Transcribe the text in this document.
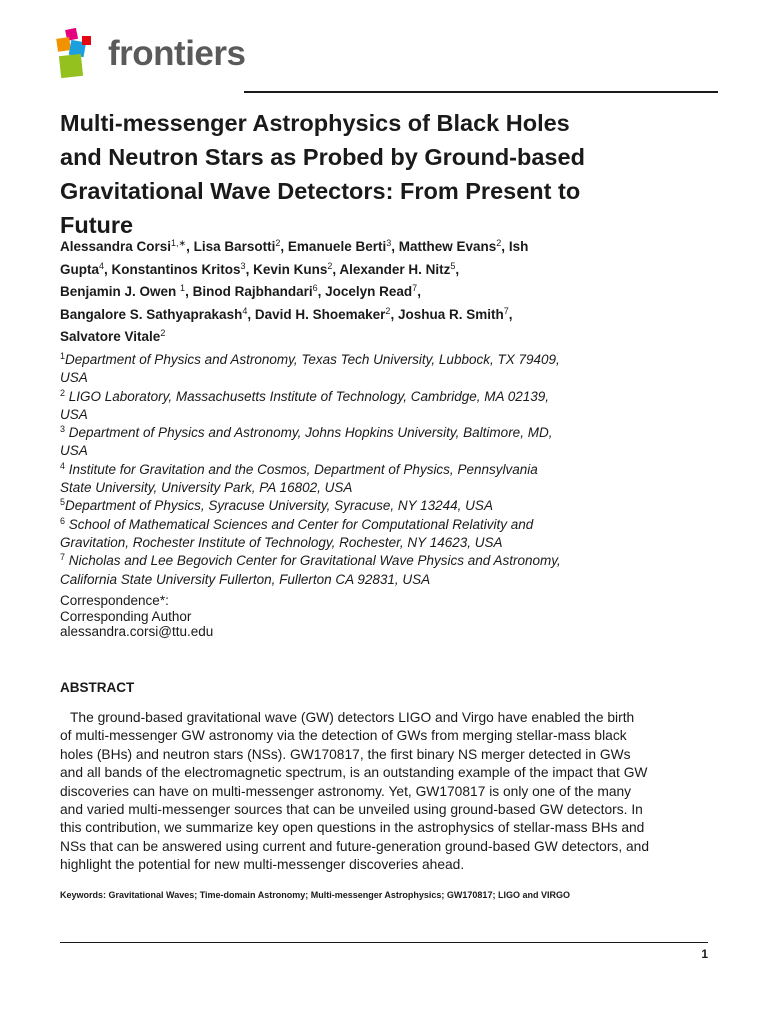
frontiers
Multi-messenger Astrophysics of Black Holes
and Neutron Stars as Probed by Ground-based
Gravitational Wave Detectors: From Present to
Future
Alessandra Corsi$^{1,∗}$, Lisa Barsotti$^2$, Emanuele Berti$^3$, Matthew Evans$^2$, Ish
Gupta$^4$, Konstantinos Kritos$^3$, Kevin Kuns$^2$, Alexander H. Nitz$^5$,
Benjamin J. Owen $^1$, Binod Rajbhandari$^6$, Jocelyn Read$^7$,
Bangalore S. Sathyaprakash$^4$, David H. Shoemaker$^2$, Joshua R. Smith$^7$,
Salvatore Vitale$^2$
$^1$Department of Physics and Astronomy, Texas Tech University, Lubbock, TX 79409,
USA
$^2$ LIGO Laboratory, Massachusetts Institute of Technology, Cambridge, MA 02139,
USA
$^3$ Department of Physics and Astronomy, Johns Hopkins University, Baltimore, MD,
USA
$^4$ Institute for Gravitation and the Cosmos, Department of Physics, Pennsylvania
State University, University Park, PA 16802, USA
$^5$Department of Physics, Syracuse University, Syracuse, NY 13244, USA
$^6$ School of Mathematical Sciences and Center for Computational Relativity and
Gravitation, Rochester Institute of Technology, Rochester, NY 14623, USA
$^7$ Nicholas and Lee Begovich Center for Gravitational Wave Physics and Astronomy,
California State University Fullerton, Fullerton CA 92831, USA
Correspondence*:
Corresponding Author
alessandra.corsi@ttu.edu
ABSTRACT
The ground-based gravitational wave (GW) detectors LIGO and Virgo have enabled the birth
of multi-messenger GW astronomy via the detection of GWs from merging stellar-mass black
holes (BHs) and neutron stars (NSs). GW170817, the first binary NS merger detected in GWs
and all bands of the electromagnetic spectrum, is an outstanding example of the impact that GW
discoveries can have on multi-messenger astronomy. Yet, GW170817 is only one of the many
and varied multi-messenger sources that can be unveiled using ground-based GW detectors. In
this contribution, we summarize key open questions in the astrophysics of stellar-mass BHs and
NSs that can be answered using current and future-generation ground-based GW detectors, and
highlight the potential for new multi-messenger discoveries ahead.
Keywords: Gravitational Waves; Time-domain Astronomy; Multi-messenger Astrophysics; GW170817; LIGO and VIRGO
1
